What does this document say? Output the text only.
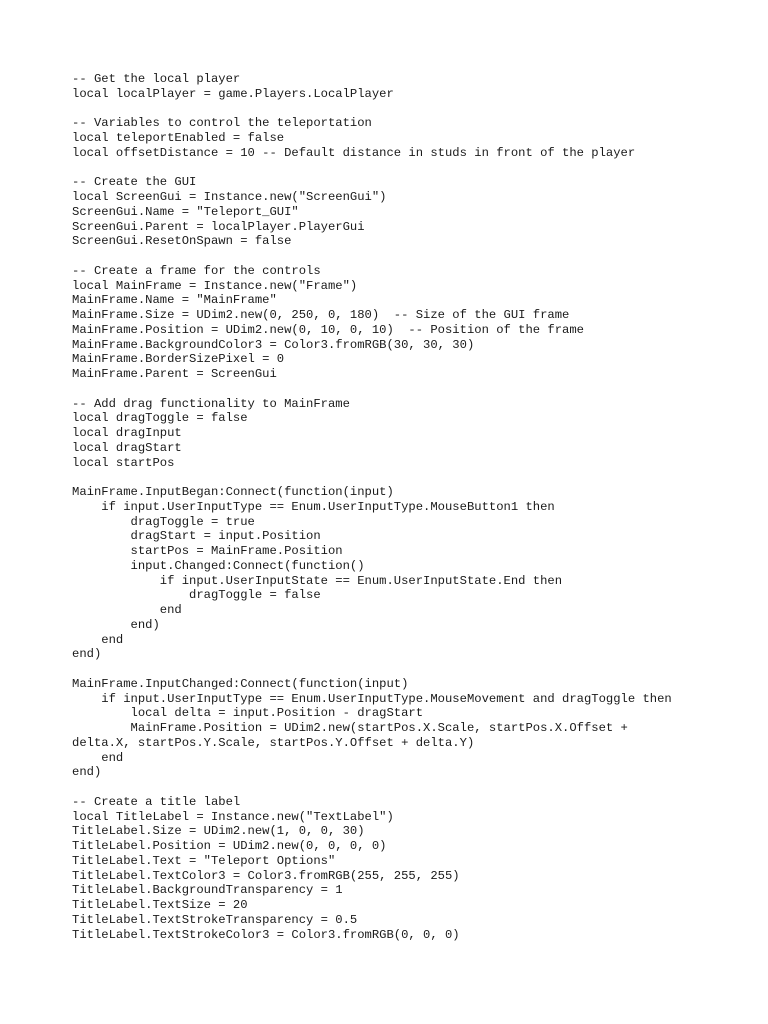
-- Get the local player
local localPlayer = game.Players.LocalPlayer
-- Variables to control the teleportation
local teleportEnabled = false
local offsetDistance = 10 -- Default distance in studs in front of the player
-- Create the GUI
local ScreenGui = Instance.new("ScreenGui")
ScreenGui.Name = "Teleport_GUI"
ScreenGui.Parent = localPlayer.PlayerGui
ScreenGui.ResetOnSpawn = false
-- Create a frame for the controls
local MainFrame = Instance.new("Frame")
MainFrame.Name = "MainFrame"
MainFrame.Size = UDim2.new(0, 250, 0, 180)  -- Size of the GUI frame
MainFrame.Position = UDim2.new(0, 10, 0, 10)  -- Position of the frame
MainFrame.BackgroundColor3 = Color3.fromRGB(30, 30, 30)
MainFrame.BorderSizePixel = 0
MainFrame.Parent = ScreenGui
-- Add drag functionality to MainFrame
local dragToggle = false
local dragInput
local dragStart
local startPos
MainFrame.InputBegan:Connect(function(input)
if input.UserInputType == Enum.UserInputType.MouseButton1 then
dragToggle = true
dragStart = input.Position
startPos = MainFrame.Position
input.Changed:Connect(function()
if input.UserInputState == Enum.UserInputState.End then
dragToggle = false
end
end)
end
end)
MainFrame.InputChanged:Connect(function(input)
if input.UserInputType == Enum.UserInputType.MouseMovement and dragToggle then
local delta = input.Position - dragStart
MainFrame.Position = UDim2.new(startPos.X.Scale, startPos.X.Offset +
delta.X, startPos.Y.Scale, startPos.Y.Offset + delta.Y)
end
end)
-- Create a title label
local TitleLabel = Instance.new("TextLabel")
TitleLabel.Size = UDim2.new(1, 0, 0, 30)
TitleLabel.Position = UDim2.new(0, 0, 0, 0)
TitleLabel.Text = "Teleport Options"
TitleLabel.TextColor3 = Color3.fromRGB(255, 255, 255)
TitleLabel.BackgroundTransparency = 1
TitleLabel.TextSize = 20
TitleLabel.TextStrokeTransparency = 0.5
TitleLabel.TextStrokeColor3 = Color3.fromRGB(0, 0, 0)
